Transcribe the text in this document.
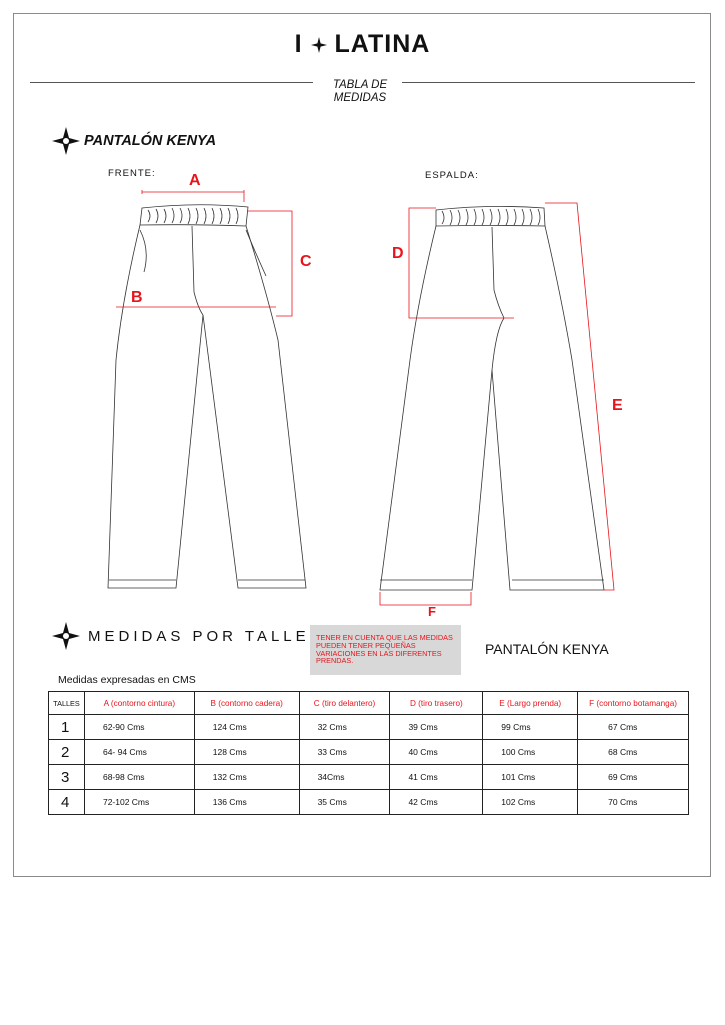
I LATINA
TABLA DE
MEDIDAS
PANTALÓN KENYA
FRENTE:	ESPALDA:
A
B
C	D
E
F
MEDIDAS POR TALLE TENER EN CUENTA QUE LAS MEDIDAS PUEDEN TENER PEQUEÑAS VARIACIONES EN LAS DIFERENTES PRENDAS.
PANTALÓN KENYA
Medidas expresadas en CMS
TALLES	A (contorno cintura)	B (contorno cadera)	C (tiro delantero)	D (tiro trasero)	E (Largo prenda)	F (contorno botamanga)
1	62-90 Cms	124 Cms	32 Cms	39 Cms	99 Cms	67 Cms
2	64- 94 Cms	128 Cms	33 Cms	40 Cms	100 Cms	68 Cms
3	68-98 Cms	132 Cms	34Cms	41 Cms	101 Cms	69 Cms
4	72-102 Cms	136 Cms	35 Cms	42 Cms	102 Cms	70 Cms
